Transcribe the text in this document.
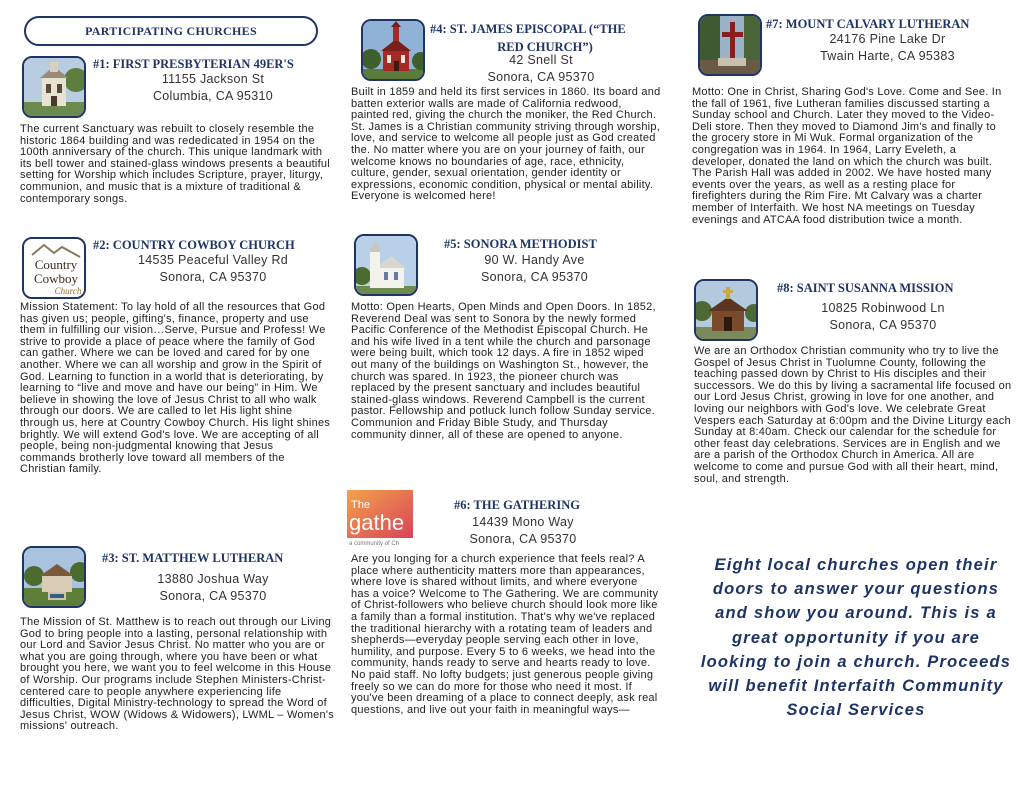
PARTICIPATING CHURCHES
#1: FIRST PRESBYTERIAN 49ER'S
11155 Jackson St
Columbia, CA 95310
The current Sanctuary was rebuilt to closely resemble the historic 1864 building and was rededicated in 1954 on the 100th anniversary of the church. This unique landmark with its bell tower and stained-glass windows presents a beautiful setting for Worship which includes Scripture, prayer, liturgy, communion, and music that is a mixture of traditional & contemporary songs.
Country
Cowboy
Church
#2: COUNTRY COWBOY CHURCH
14535 Peaceful Valley Rd
Sonora, CA 95370
Mission Statement: To lay hold of all the resources that God has given us; people, gifting's, finance, property and use them in fulfilling our vision…Serve, Pursue and Profess! We strive to provide a place of peace where the family of God can gather. Where we can be loved and cared for by one another. Where we can all worship and grow in the Spirit of God. Learning to function in a world that is deteriorating, by learning to “live and move and have our being” in Him. We believe in showing the love of Jesus Christ to all who walk through our doors. We are called to let His light shine through us, here at Country Cowboy Church. His light shines brightly. We will extend God's love. We are accepting of all people, being non-judgmental knowing that Jesus commands brotherly love toward all members of the Christian family.
#3: ST. MATTHEW LUTHERAN
13880 Joshua Way
Sonora, CA 95370
The Mission of St. Matthew is to reach out through our Living God to bring people into a lasting, personal relationship with our Lord and Savior Jesus Christ. No matter who you are or what you are going through, where you have been or what brought you here, we want you to feel welcome in this House of Worship. Our programs include Stephen Ministers-Christ-centered care to people anywhere experiencing life difficulties, Digital Ministry-technology to spread the Word of Jesus Christ, WOW (Widows & Widowers), LWML – Women's missions' outreach.
#4: ST. JAMES EPISCOPAL (“THE
RED CHURCH”)
42 Snell St
Sonora, CA 95370
Built in 1859 and held its first services in 1860. Its board and batten exterior walls are made of California redwood, painted red, giving the church the moniker, the Red Church.
St. James is a Christian community striving through worship, love, and service to welcome all people just as God created the. No matter where you are on your journey of faith, our welcome knows no boundaries of age, race, ethnicity, culture, gender, sexual orientation, gender identity or expressions, economic condition, physical or mental ability. Everyone is welcomed here!
#5: SONORA METHODIST
90 W. Handy Ave
Sonora, CA 95370
Motto: Open Hearts, Open Minds and Open Doors. In 1852, Reverend Deal was sent to Sonora by the newly formed Pacific Conference of the Methodist Episcopal Church. He and his wife lived in a tent while the church and parsonage were being built, which took 12 days. A fire in 1852 wiped out many of the buildings on Washington St., however, the church was spared. In 1923, the pioneer church was replaced by the present sanctuary and includes beautiful stained-glass windows. Reverend Campbell is the current pastor. Fellowship and potluck lunch follow Sunday service. Communion and Friday Bible Study, and Thursday community dinner, all of these are opened to anyone.
The
gathe
a community of Ch
#6: THE GATHERING
14439 Mono Way
Sonora, CA 95370
Are you longing for a church experience that feels real? A place where authenticity matters more than appearances, where love is shared without limits, and where everyone has a voice? Welcome to The Gathering. We are community of Christ-followers who believe church should look more like a family than a formal institution. That's why we've replaced the traditional hierarchy with a rotating team of leaders and shepherds—everyday people serving each other in love, humility, and purpose. Every 5 to 6 weeks, we head into the community, hands ready to serve and hearts ready to love. No paid staff. No lofty budgets; just generous people giving freely so we can do more for those who need it most. If you've been dreaming of a place to connect deeply, ask real questions, and live out your faith in meaningful ways—
#7: MOUNT CALVARY LUTHERAN
24176 Pine Lake Dr
Twain Harte, CA 95383
Motto: One in Christ, Sharing God's Love. Come and See. In the fall of 1961, five Lutheran families discussed starting a Sunday school and Church. Later they moved to the Video-Deli store. Then they moved to Diamond Jim's and finally to the grocery store in Mi Wuk. Formal organization of the congregation was in 1964. In 1964, Larry Eveleth, a developer, donated the land on which the church was built. The Parish Hall was added in 2002. We have hosted many events over the years, as well as a resting place for firefighters during the Rim Fire. Mt Calvary was a charter member of Interfaith. We host NA meetings on Tuesday evenings and ATCAA food distribution twice a month.
#8: SAINT SUSANNA MISSION
10825 Robinwood Ln
Sonora, CA 95370
We are an Orthodox Christian community who try to live the Gospel of Jesus Christ in Tuolumne County, following the teaching passed down by Christ to His disciples and their successors. We do this by living a sacramental life focused on our Lord Jesus Christ, growing in love for one another, and loving our neighbors with God's love. We celebrate Great Vespers each Saturday at 6:00pm and the Divine Liturgy each Sunday at 8:40am. Check our calendar for the schedule for other feast day celebrations. Services are in English and we are a parish of the Orthodox Church in America. All are welcome to come and pursue God with all their heart, mind, soul, and strength.
Eight local churches open their doors to answer your questions and show you around. This is a great opportunity if you are looking to join a church. Proceeds will benefit Interfaith Community Social Services
